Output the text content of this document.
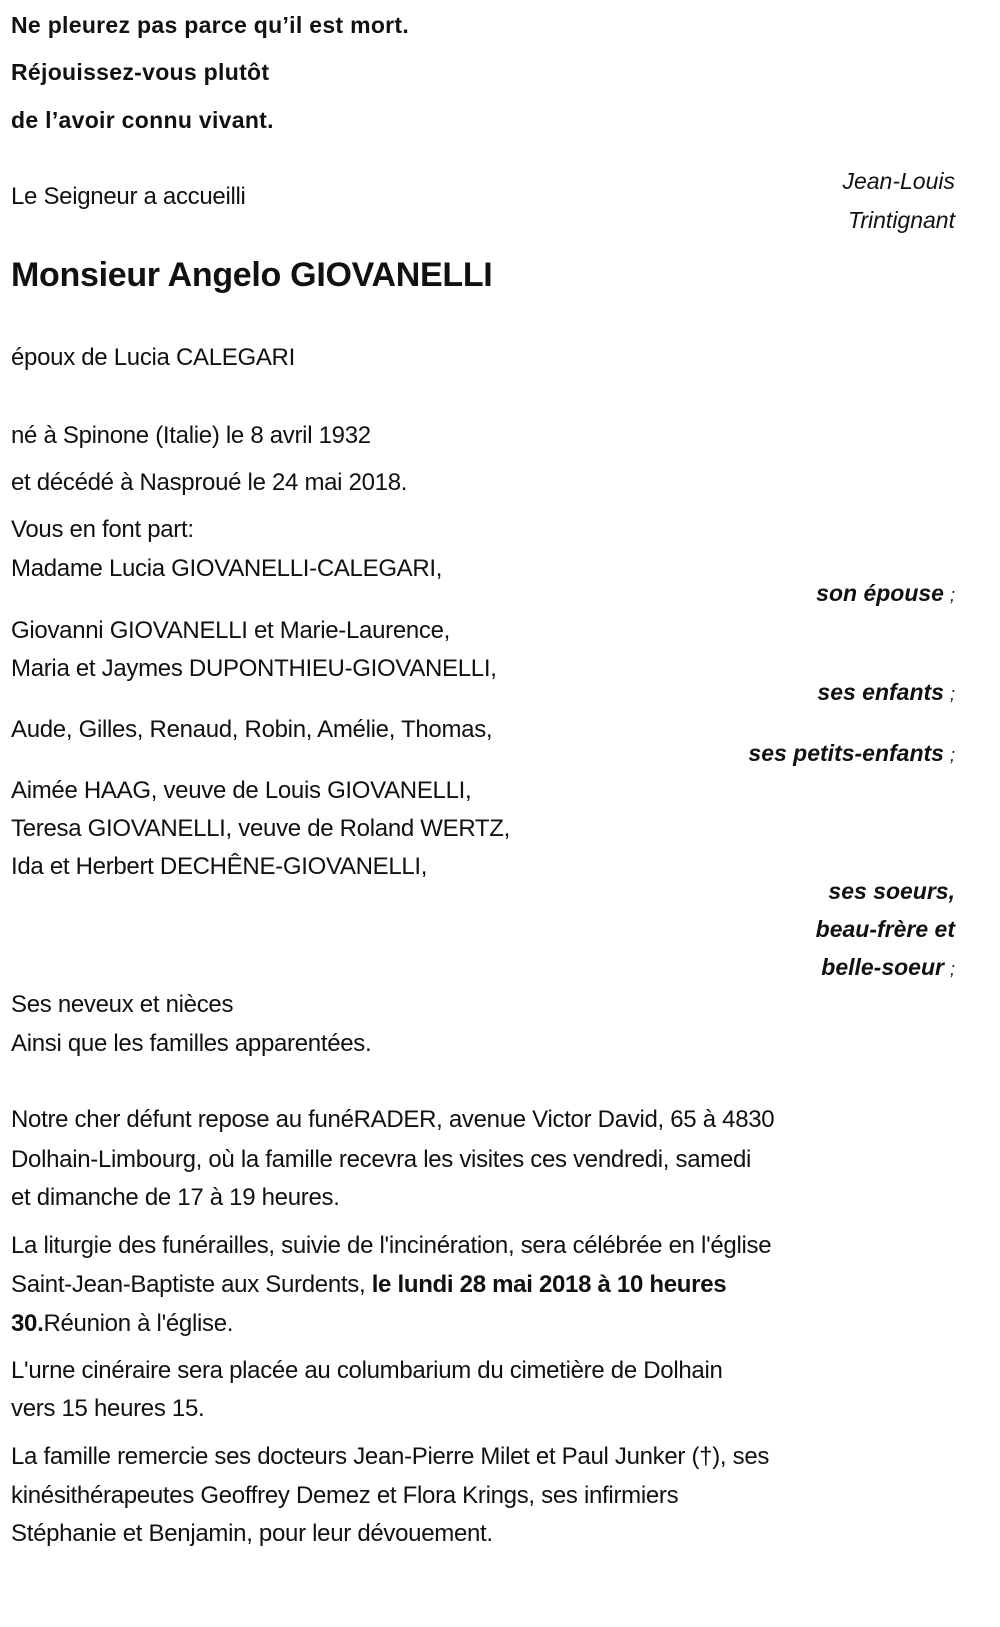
Ne pleurez pas parce qu’il est mort.
Réjouissez-vous plutôt
de l’avoir connu vivant.
Le Seigneur a accueilli
Jean-Louis
Trintignant
Monsieur Angelo GIOVANELLI
époux de Lucia CALEGARI
né à Spinone (Italie) le 8 avril 1932
et décédé à Nasproué le 24 mai 2018.
Vous en font part:
Madame Lucia GIOVANELLI-CALEGARI,
son épouse ;
Giovanni GIOVANELLI et Marie-Laurence,
Maria et Jaymes DUPONTHIEU-GIOVANELLI,
ses enfants ;
Aude, Gilles, Renaud, Robin, Amélie, Thomas,
ses petits-enfants ;
Aimée HAAG, veuve de Louis GIOVANELLI,
Teresa GIOVANELLI, veuve de Roland WERTZ,
Ida et Herbert DECHÊNE-GIOVANELLI,
ses soeurs,
beau-frère et
belle-soeur ;
Ses neveux et nièces
Ainsi que les familles apparentées.
Notre cher défunt repose au funéRADER, avenue Victor David, 65 à 4830
Dolhain-Limbourg, où la famille recevra les visites ces vendredi, samedi
et dimanche de 17 à 19 heures.
La liturgie des funérailles, suivie de l'incinération, sera célébrée en l'église
Saint-Jean-Baptiste aux Surdents, le lundi 28 mai 2018 à 10 heures
30.Réunion à l'église.
L'urne cinéraire sera placée au columbarium du cimetière de Dolhain
vers 15 heures 15.
La famille remercie ses docteurs Jean-Pierre Milet et Paul Junker (†), ses
kinésithérapeutes Geoffrey Demez et Flora Krings, ses infirmiers
Stéphanie et Benjamin, pour leur dévouement.
